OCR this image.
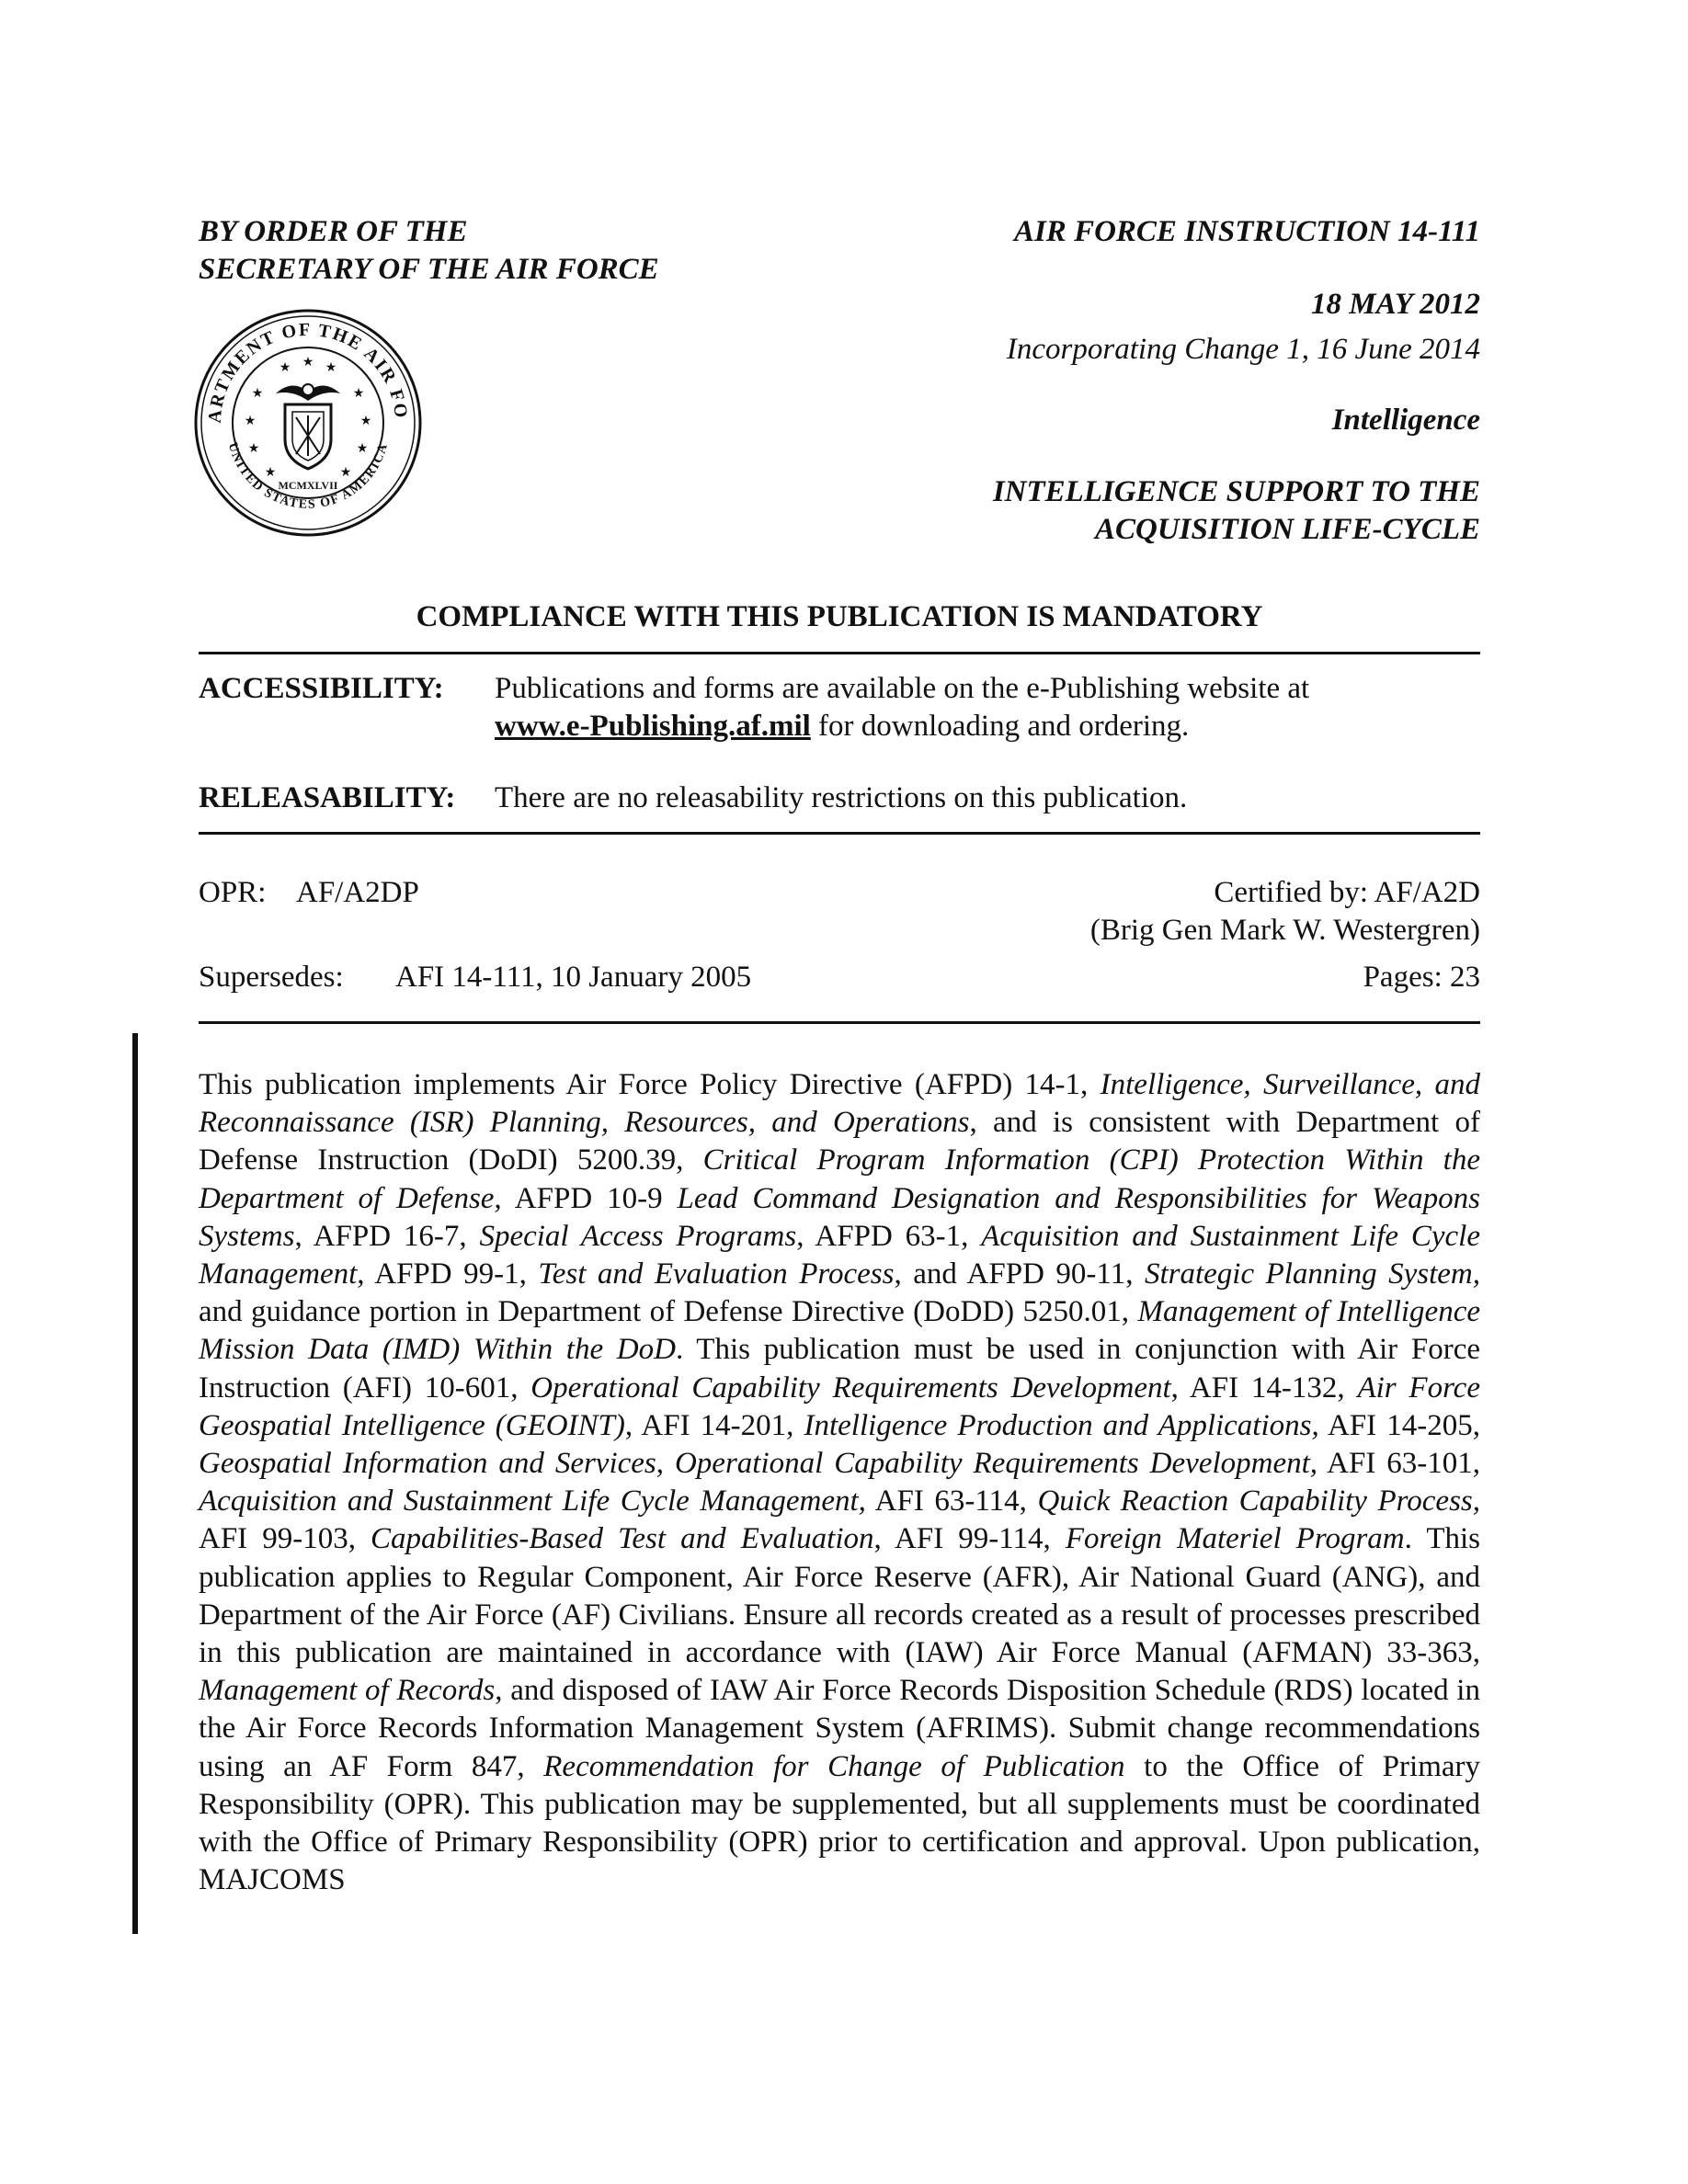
BY ORDER OF THE
SECRETARY OF THE AIR FORCE
ARTMENT OF THE AIR FO
UNITED STATES OF AMERICA
★	★
★	★
★	★
★	★
★ ★ ★
MCMXLVII
AIR FORCE INSTRUCTION 14-111
18 MAY 2012
Incorporating Change 1, 16 June 2014
Intelligence
INTELLIGENCE SUPPORT TO THE
ACQUISITION LIFE-CYCLE
COMPLIANCE WITH THIS PUBLICATION IS MANDATORY
ACCESSIBILITY: Publications and forms are available on the e-Publishing website at
www.e-Publishing.af.mil for downloading and ordering.
RELEASABILITY: There are no releasability restrictions on this publication.
OPR: AF/A2DP	Certified by: AF/A2D
(Brig Gen Mark W. Westergren)
Supersedes: AFI 14-111, 10 January 2005	Pages: 23
This publication implements Air Force Policy Directive (AFPD) 14-1, Intelligence, Surveillance, and Reconnaissance (ISR) Planning, Resources, and Operations, and is consistent with Department of Defense Instruction (DoDI) 5200.39, Critical Program Information (CPI) Protection Within the Department of Defense, AFPD 10-9 Lead Command Designation and Responsibilities for Weapons Systems, AFPD 16-7, Special Access Programs, AFPD 63-1, Acquisition and Sustainment Life Cycle Management, AFPD 99-1, Test and Evaluation Process, and AFPD 90-11, Strategic Planning System, and guidance portion in Department of Defense Directive (DoDD) 5250.01, Management of Intelligence Mission Data (IMD) Within the DoD. This publication must be used in conjunction with Air Force Instruction (AFI) 10-601, Operational Capability Requirements Development, AFI 14-132, Air Force Geospatial Intelligence (GEOINT), AFI 14-201, Intelligence Production and Applications, AFI 14-205, Geospatial Information and Services, Operational Capability Requirements Development, AFI 63-101, Acquisition and Sustainment Life Cycle Management, AFI 63-114, Quick Reaction Capability Process, AFI 99-103, Capabilities-Based Test and Evaluation, AFI 99-114, Foreign Materiel Program. This publication applies to Regular Component, Air Force Reserve (AFR), Air National Guard (ANG), and Department of the Air Force (AF) Civilians. Ensure all records created as a result of processes prescribed in this publication are maintained in accordance with (IAW) Air Force Manual (AFMAN) 33-363, Management of Records, and disposed of IAW Air Force Records Disposition Schedule (RDS) located in the Air Force Records Information Management System (AFRIMS). Submit change recommendations using an AF Form 847, Recommendation for Change of Publication to the Office of Primary Responsibility (OPR). This publication may be supplemented, but all supplements must be coordinated with the Office of Primary Responsibility (OPR) prior to certification and approval. Upon publication, MAJCOMS
